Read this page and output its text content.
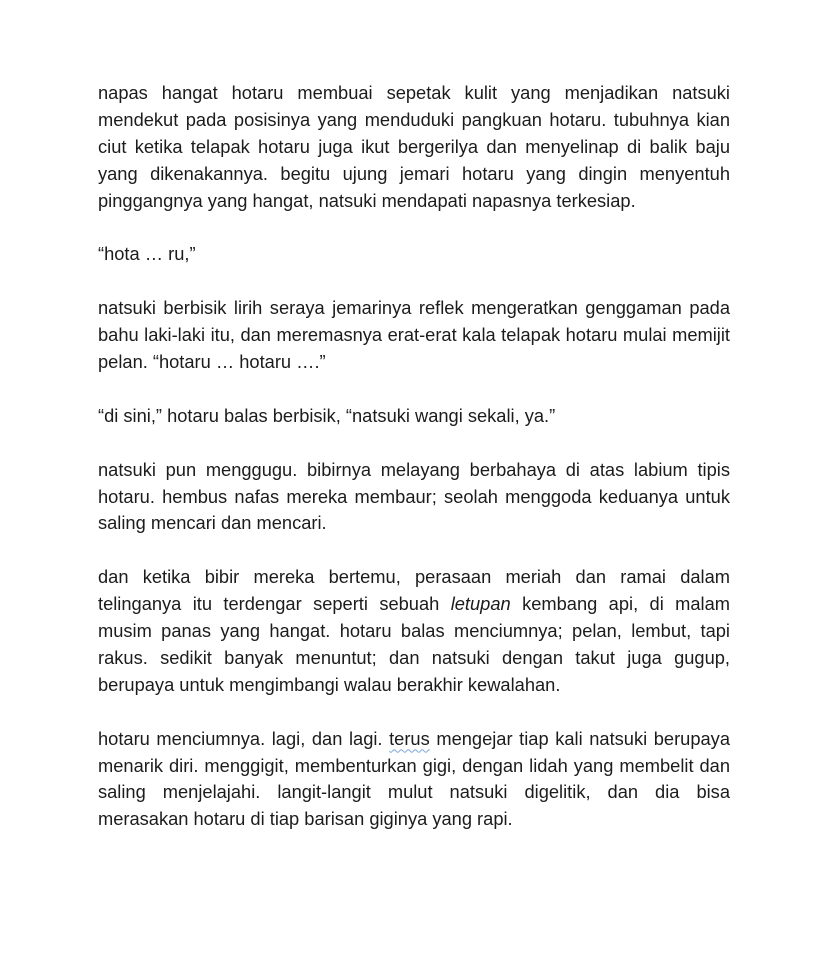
napas hangat hotaru membuai sepetak kulit yang menjadikan natsuki mendekut pada posisinya yang menduduki pangkuan hotaru. tubuhnya kian ciut ketika telapak hotaru juga ikut bergerilya dan menyelinap di balik baju yang dikenakannya. begitu ujung jemari hotaru yang dingin menyentuh pinggangnya yang hangat, natsuki mendapati napasnya terkesiap.

“hota … ru,”

natsuki berbisik lirih seraya jemarinya reflek mengeratkan genggaman pada bahu laki-laki itu, dan meremasnya erat-erat kala telapak hotaru mulai memijit pelan. “hotaru … hotaru ….”

“di sini,” hotaru balas berbisik, “natsuki wangi sekali, ya.”

natsuki pun menggugu. bibirnya melayang berbahaya di atas labium tipis hotaru. hembus nafas mereka membaur; seolah menggoda keduanya untuk saling mencari dan mencari.

dan ketika bibir mereka bertemu, perasaan meriah dan ramai dalam telinganya itu terdengar seperti sebuah letupan kembang api, di malam musim panas yang hangat. hotaru balas menciumnya; pelan, lembut, tapi rakus. sedikit banyak menuntut; dan natsuki dengan takut juga gugup, berupaya untuk mengimbangi walau berakhir kewalahan.

hotaru menciumnya. lagi, dan lagi. terus mengejar tiap kali natsuki berupaya menarik diri. menggigit, membenturkan gigi, dengan lidah yang membelit dan saling menjelajahi. langit-langit mulut natsuki digelitik, dan dia bisa merasakan hotaru di tiap barisan giginya yang rapi.
